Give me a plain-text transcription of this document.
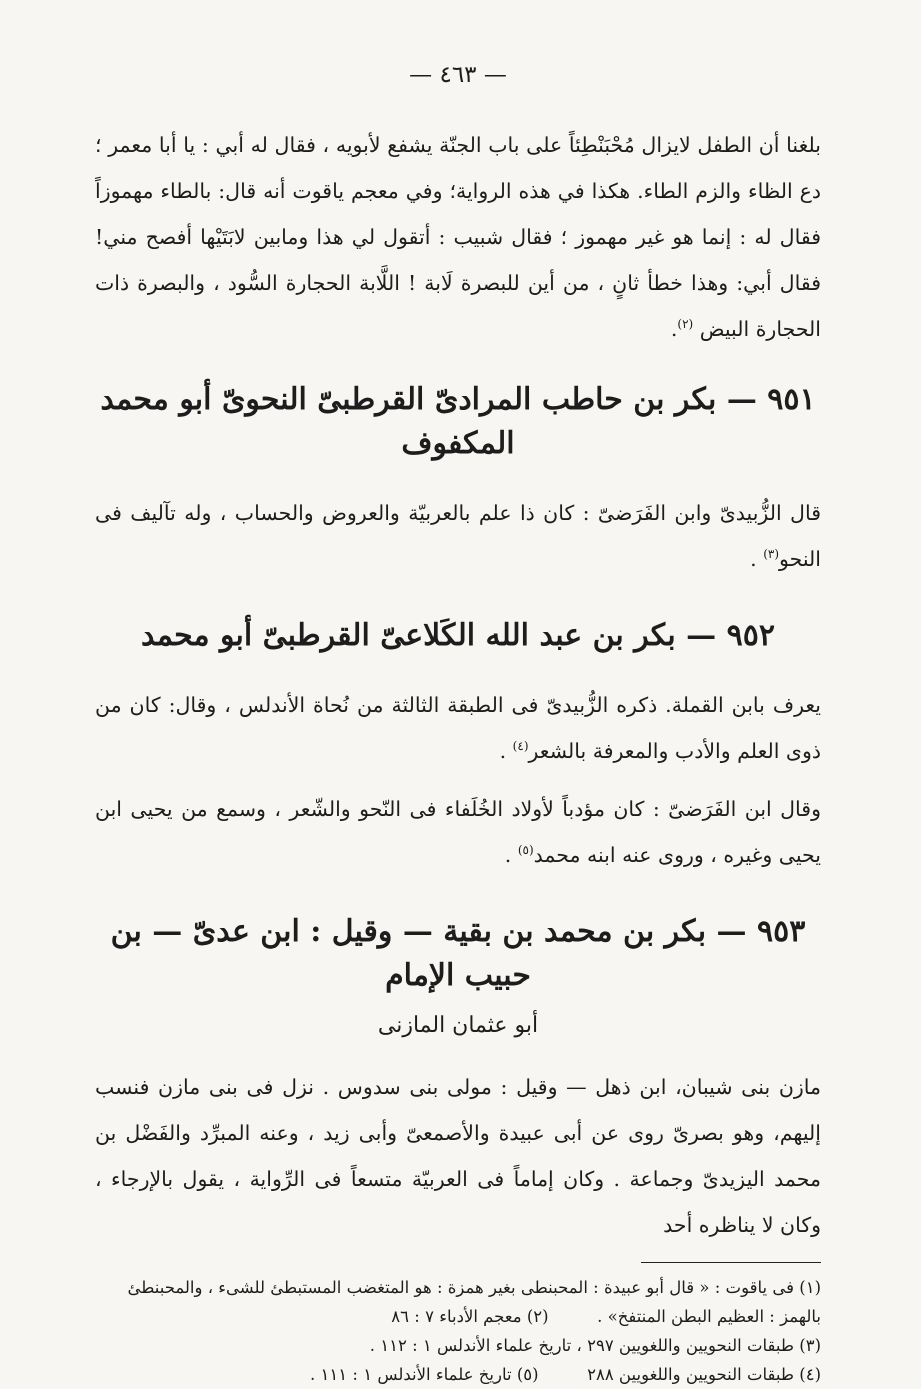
— ٤٦٣ —

بلغنا أن الطفل لايزال مُحْبَنْطِئاً على باب الجنّة يشفع لأبويه ، فقال له أبي : يا أبا معمر ؛ دع الظاء والزم الطاء. هكذا في هذه الرواية؛ وفي معجم ياقوت أنه قال: بالطاء مهموزاً فقال له : إنما هو غير مهموز ؛ فقال شبيب : أتقول لي هذا ومابين لابَتَيْها أفصح مني! فقال أبي: وهذا خطأ ثانٍ ، من أين للبصرة لَابة ! اللَّابة الحجارة السُّود ، والبصرة ذات الحجارة البيض $^{(٢)}$.

٩٥١ — بكر بن حاطب المرادىّ القرطبىّ النحوىّ أبو محمد المكفوف

قال الزُّبيدىّ وابن الفَرَضىّ : كان ذا علم بالعربيّة والعروض والحساب ، وله تآليف فى النحو$^{(٣)}$ .

٩٥٢ — بكر بن عبد الله الكَلاعىّ القرطبىّ أبو محمد

يعرف بابن القملة. ذكره الزُّبيدىّ فى الطبقة الثالثة من نُحاة الأندلس ، وقال: كان من ذوى العلم والأدب والمعرفة بالشعر$^{(٤)}$ .

وقال ابن الفَرَضىّ : كان مؤدباً لأولاد الخُلَفاء فى النّحو والشّعر ، وسمع من يحيى ابن يحيى وغيره ، وروى عنه ابنه محمد$^{(٥)}$ .

٩٥٣ — بكر بن محمد بن بقية — وقيل : ابن عدىّ — بن حبيب الإمام
أبو عثمان المازنى

مازن بنى شيبان، ابن ذهل — وقيل : مولى بنى سدوس . نزل فى بنى مازن فنسب إليهم، وهو بصرىّ روى عن أبى عبيدة والأصمعىّ وأبى زيد ، وعنه المبرِّد والفَضْل بن محمد اليزيدىّ وجماعة . وكان إماماً فى العربيّة متسعاً فى الرِّواية ، يقول بالإرجاء ، وكان لا يناظره أحد

(١) فى ياقوت : « قال أبو عبيدة : المحبنطى بغير همزة : هو المتغضب المستبطئ للشىء ، والمحبنطئ

بالهمز : العظيم البطن المنتفخ» .  (٢) معجم الأدباء ٧ : ٨٦

(٣) طبقات النحويين واللغويين ٢٩٧ ، تاريخ علماء الأندلس ١ : ١١٢ .

(٤) طبقات النحويين واللغويين ٢٨٨  (٥) تاريخ علماء الأندلس ١ : ١١١ .
